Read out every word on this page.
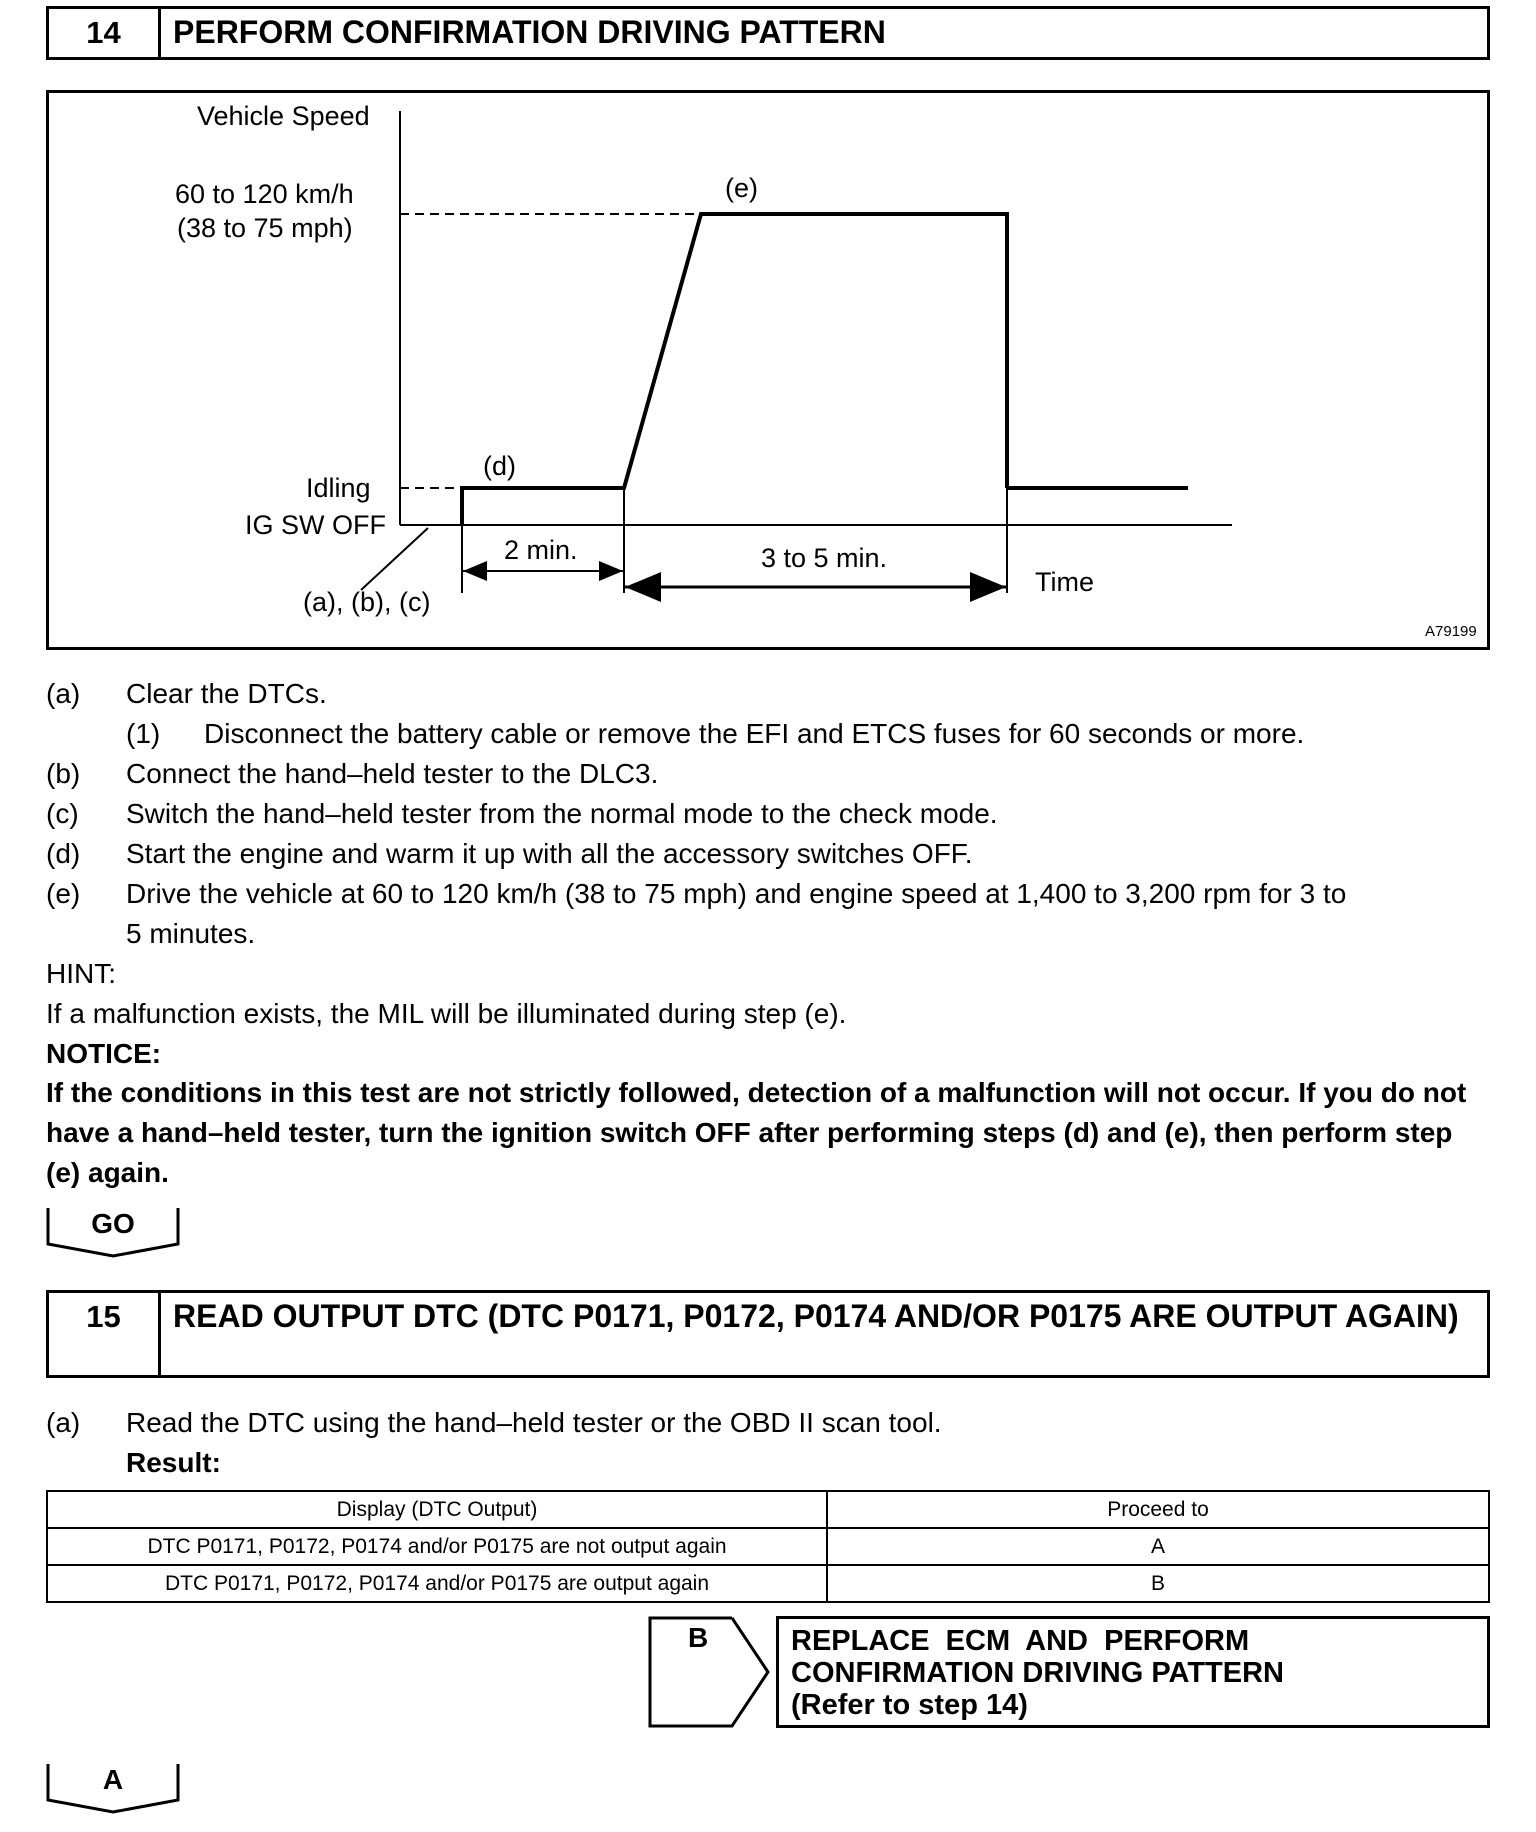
14	PERFORM CONFIRMATION DRIVING PATTERN
Vehicle Speed
60 to 120 km/h
(38 to 75 mph)
Idling
IG SW OFF
(a), (b), (c)
(d)
(e)
2 min.	3 to 5 min.
Time
A79199
(a) Clear the DTCs.
(1) Disconnect the battery cable or remove the EFI and ETCS fuses for 60 seconds or more.
(b) Connect the hand–held tester to the DLC3.
(c) Switch the hand–held tester from the normal mode to the check mode.
(d) Start the engine and warm it up with all the accessory switches OFF.
(e) Drive the vehicle at 60 to 120 km/h (38 to 75 mph) and engine speed at 1,400 to 3,200 rpm for 3 to
5 minutes.
HINT:
If a malfunction exists, the MIL will be illuminated during step (e).
NOTICE:
If the conditions in this test are not strictly followed, detection of a malfunction will not occur. If you do not have a hand–held tester, turn the ignition switch OFF after performing steps (d) and (e), then perform step (e) again.
GO
15	READ OUTPUT DTC (DTC P0171, P0172, P0174 AND/OR P0175 ARE OUTPUT AGAIN)
(a) Read the DTC using the hand–held tester or the OBD II scan tool.
Result:
Display (DTC Output)	Proceed to
DTC P0171, P0172, P0174 and/or P0175 are not output again	A
DTC P0171, P0172, P0174 and/or P0175 are output again	B
B	REPLACE  ECM  AND  PERFORM
CONFIRMATION DRIVING PATTERN
(Refer to step 14)
A
